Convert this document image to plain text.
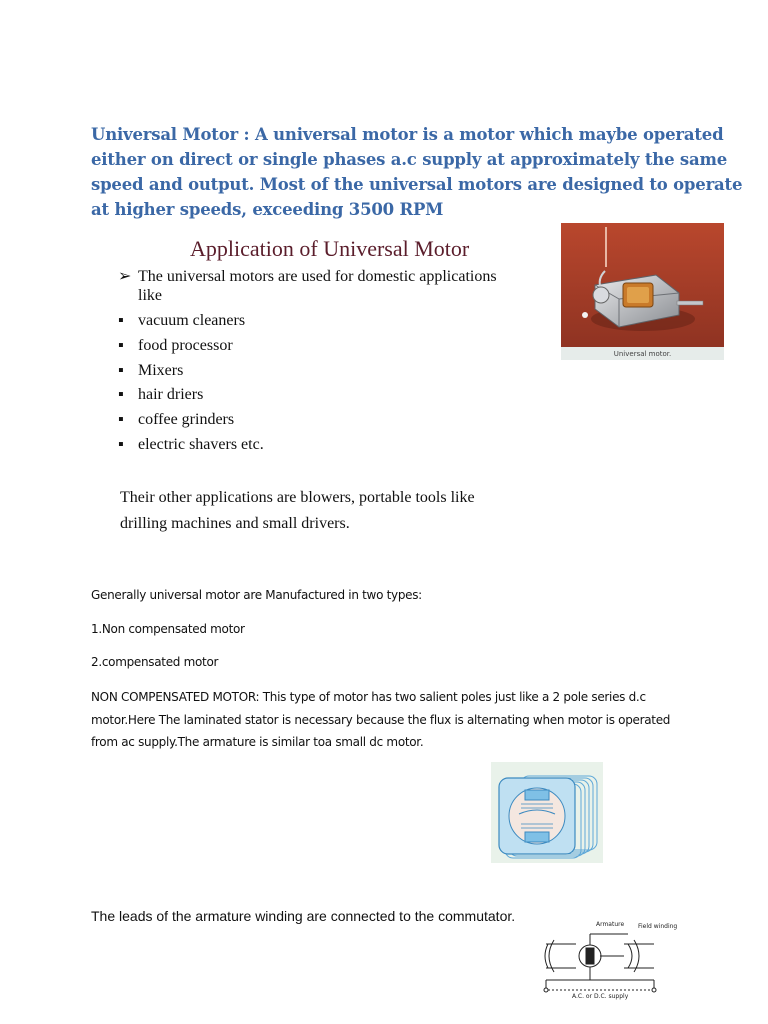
Universal Motor : A universal motor is a motor which maybe operated
either on direct or single phases a.c supply at approximately the same
speed and output. Most of the universal motors are designed to operate
at higher speeds, exceeding 3500 RPM
Application of Universal Motor
➢ The universal motors are used for domestic applications
like
▪ vacuum cleaners
▪ food processor
▪ Mixers
▪ hair driers
▪ coffee grinders
▪ electric shavers etc.
Their other applications are blowers, portable tools like
drilling machines and small drivers.
Universal motor.
Generally universal motor are Manufactured in two types:
1.Non compensated motor
2.compensated motor
NON COMPENSATED MOTOR: This type of motor has two salient poles just like a 2 pole series d.c
motor.Here The laminated stator is necessary because the flux is alternating when motor is operated
from ac supply.The armature is similar toa small dc motor.
The leads of the armature winding are connected to the commutator.
Armature Field winding
A.C. or D.C. supply
